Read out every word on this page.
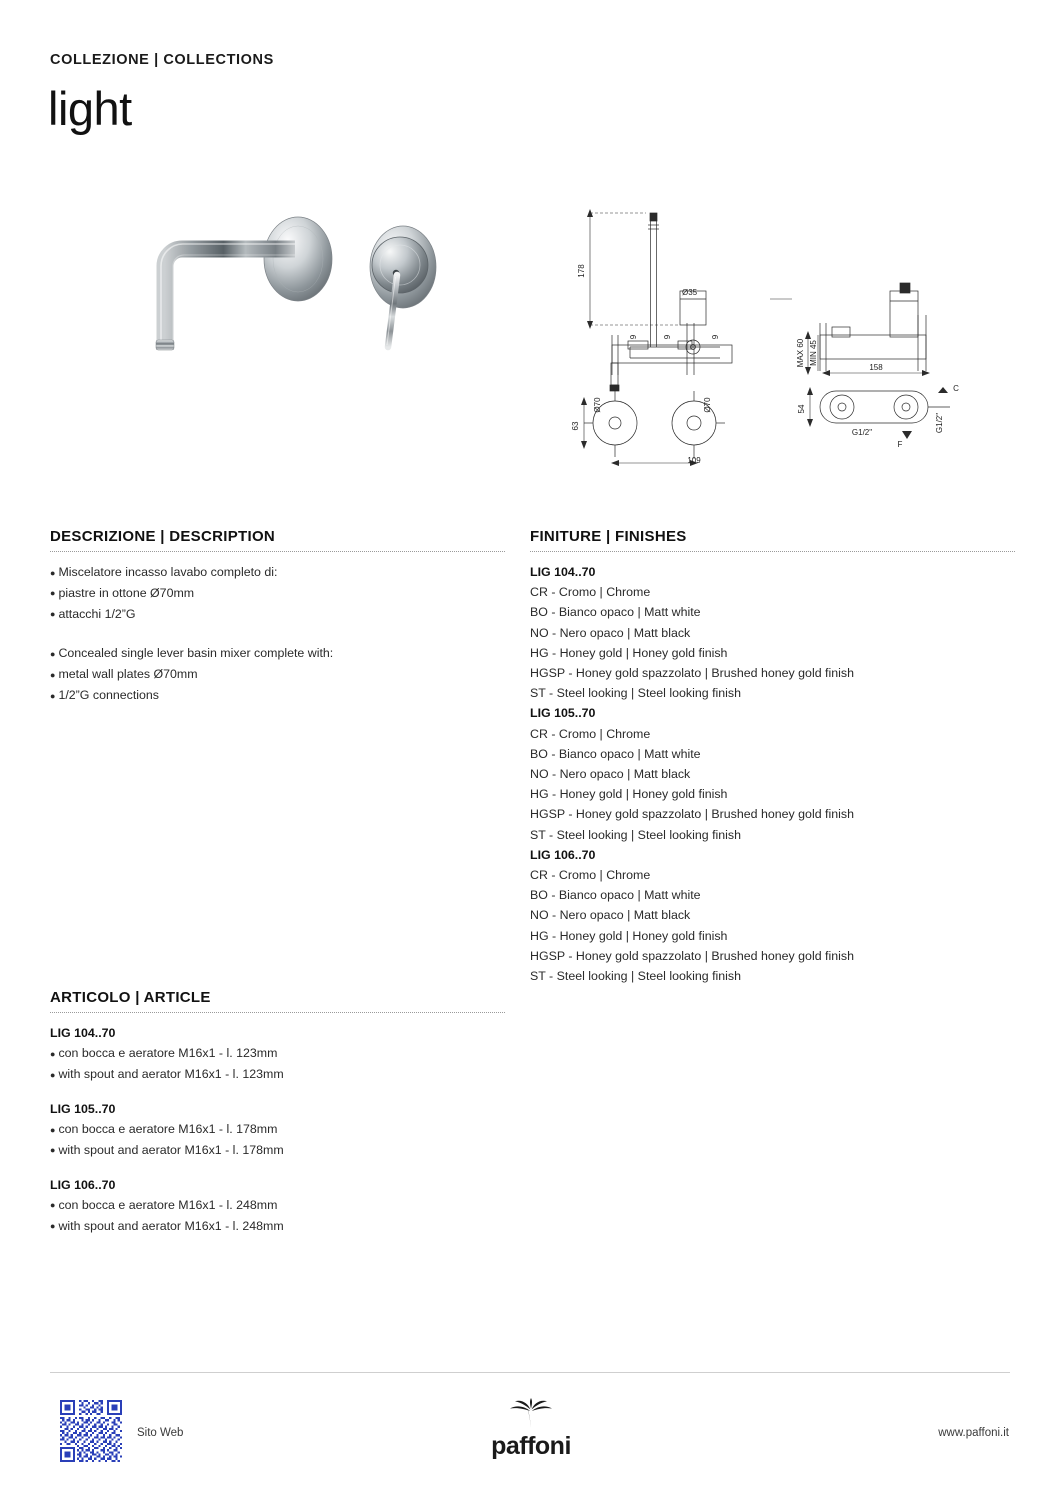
COLLEZIONE | COLLECTIONS
light
178
109
63
Ø70	Ø70
Ø35
9	9	9
MAX 60 MIN 45
158
54
G1/2"	G1/2"
C
F
DESCRIZIONE | DESCRIPTION
● Miscelatore incasso lavabo completo di:
● piastre in ottone Ø70mm
● attacchi 1/2”G
● Concealed single lever basin mixer complete with:
● metal wall plates Ø70mm
● 1/2”G connections
FINITURE | FINISHES
LIG 104..70
CR - Cromo | Chrome
BO - Bianco opaco | Matt white
NO - Nero opaco | Matt black
HG - Honey gold | Honey gold finish
HGSP - Honey gold spazzolato | Brushed honey gold finish
ST - Steel looking | Steel looking finish
LIG 105..70
CR - Cromo | Chrome
BO - Bianco opaco | Matt white
NO - Nero opaco | Matt black
HG - Honey gold | Honey gold finish
HGSP - Honey gold spazzolato | Brushed honey gold finish
ST - Steel looking | Steel looking finish
LIG 106..70
CR - Cromo | Chrome
BO - Bianco opaco | Matt white
NO - Nero opaco | Matt black
HG - Honey gold | Honey gold finish
HGSP - Honey gold spazzolato | Brushed honey gold finish
ST - Steel looking | Steel looking finish
ARTICOLO | ARTICLE
LIG 104..70
● con bocca e aeratore M16x1 - l. 123mm
● with spout and aerator M16x1 - l. 123mm
LIG 105..70
● con bocca e aeratore M16x1 - l. 178mm
● with spout and aerator M16x1 - l. 178mm
LIG 106..70
● con bocca e aeratore M16x1 - l. 248mm
● with spout and aerator M16x1 - l. 248mm
Sito Web	paffoni	www.paffoni.it
